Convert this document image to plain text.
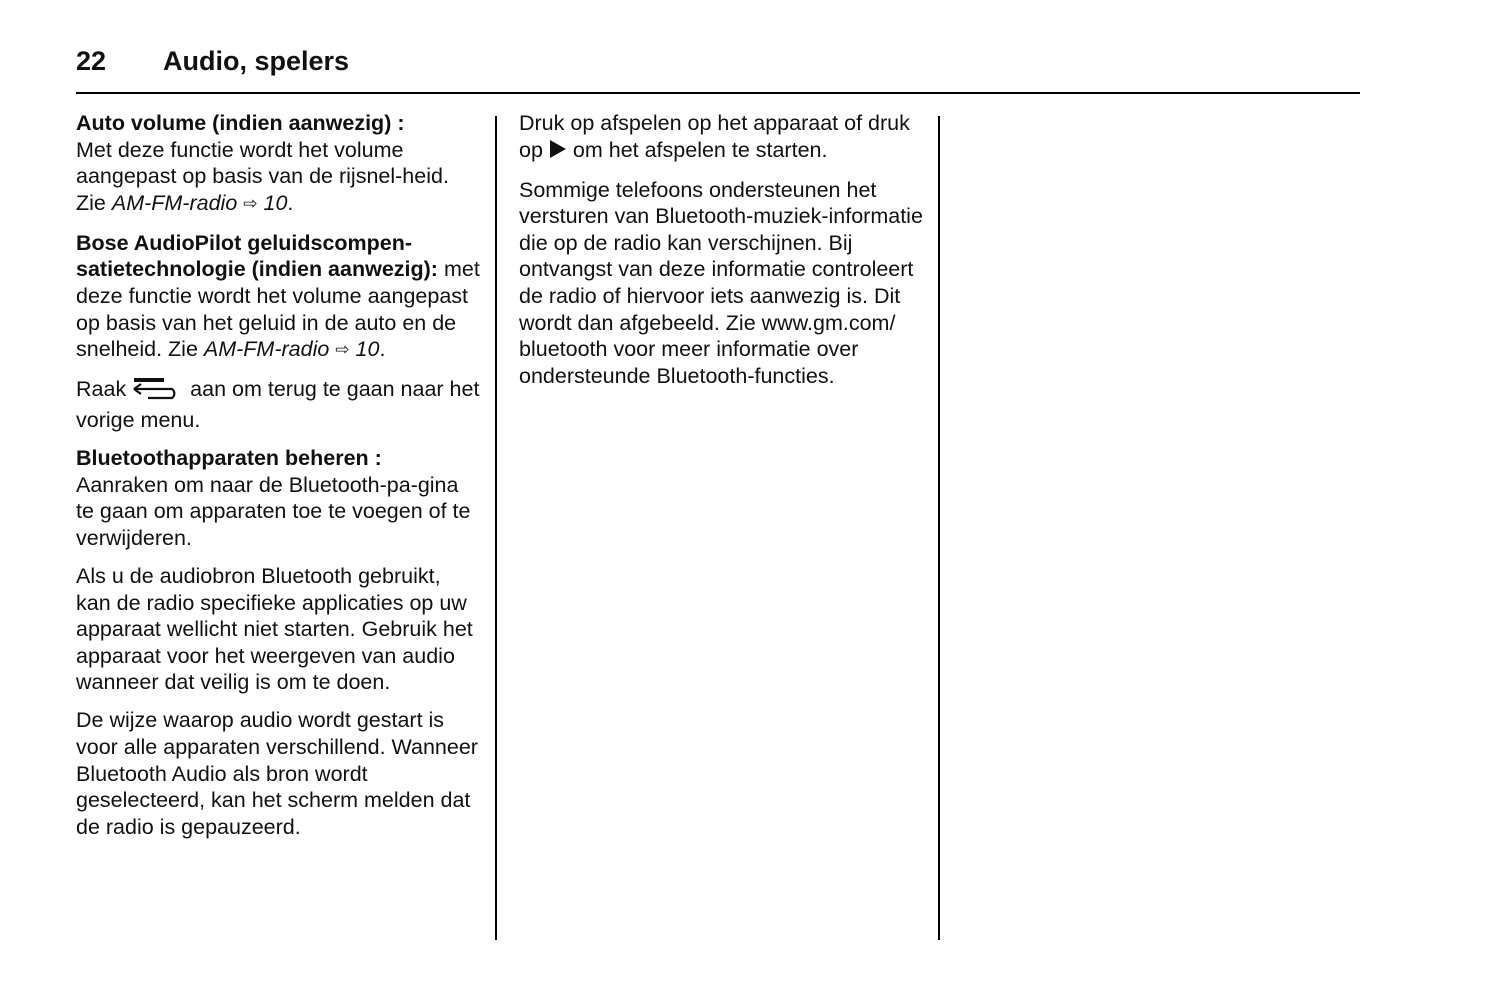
22 Audio, spelers

Auto volume (indien aanwezig) :
Met deze functie wordt het volume aangepast op basis van de rijsnel-heid. Zie AM-FM-radio ⇨ 10.

Bose AudioPilot geluidscompen-satietechnologie (indien aanwezig): met deze functie wordt het volume aangepast op basis van het geluid in de auto en de snelheid. Zie AM-FM-radio ⇨ 10.

Raak	aan om terug te gaan naar het vorige menu.

Bluetoothapparaten beheren :
Aanraken om naar de Bluetooth-pa-gina te gaan om apparaten toe te voegen of te verwijderen.

Als u de audiobron Bluetooth gebruikt, kan de radio specifieke applicaties op uw apparaat wellicht niet starten. Gebruik het apparaat voor het weergeven van audio wanneer dat veilig is om te doen.

De wijze waarop audio wordt gestart is voor alle apparaten verschillend. Wanneer Bluetooth Audio als bron wordt geselecteerd, kan het scherm melden dat de radio is gepauzeerd.

Druk op afspelen op het apparaat of druk op om het afspelen te starten.

Sommige telefoons ondersteunen het versturen van Bluetooth-muziek-informatie die op de radio kan verschijnen. Bij ontvangst van deze informatie controleert de radio of hiervoor iets aanwezig is. Dit wordt dan afgebeeld. Zie www.gm.com/ bluetooth voor meer informatie over ondersteunde Bluetooth-functies.
